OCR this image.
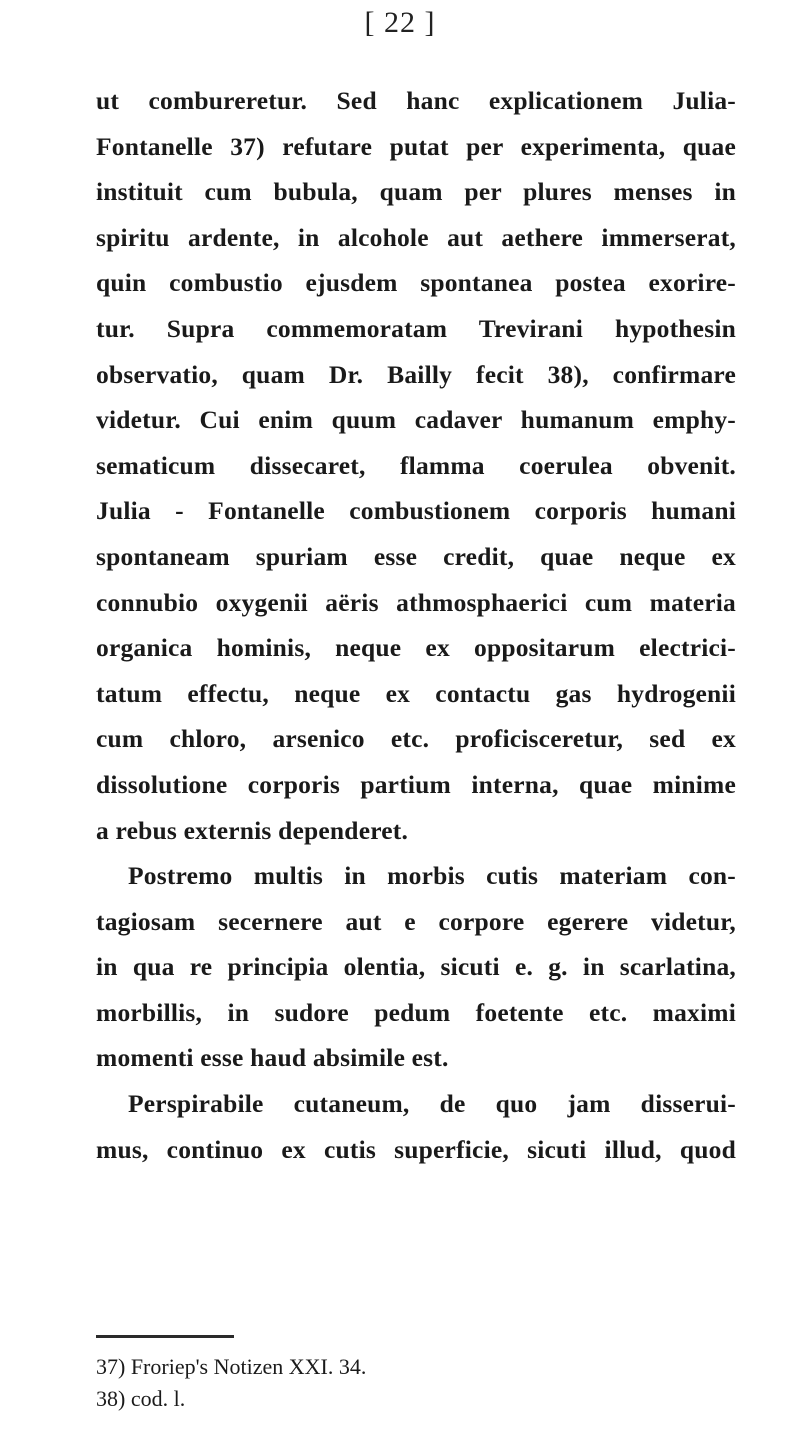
[ 22 ]
ut combureretur. Sed hanc explicationem Julia-
Fontanelle 37) refutare putat per experimenta, quae
instituit cum bubula, quam per plures menses in
spiritu ardente, in alcohole aut aethere immerserat,
quin combustio ejusdem spontanea postea exorire-
tur. Supra commemoratam Trevirani hypothesin
observatio, quam Dr. Bailly fecit 38), confirmare
videtur. Cui enim quum cadaver humanum emphy-
sematicum dissecaret, flamma coerulea obvenit.
Julia - Fontanelle combustionem corporis humani
spontaneam spuriam esse credit, quae neque ex
connubio oxygenii aëris athmosphaerici cum materia
organica hominis, neque ex oppositarum electrici-
tatum effectu, neque ex contactu gas hydrogenii
cum chloro, arsenico etc. proficisceretur, sed ex
dissolutione corporis partium interna, quae minime
a rebus externis dependeret.
Postremo multis in morbis cutis materiam con-
tagiosam secernere aut e corpore egerere videtur,
in qua re principia olentia, sicuti e. g. in scarlatina,
morbillis, in sudore pedum foetente etc. maximi
momenti esse haud absimile est.
Perspirabile cutaneum, de quo jam disserui-
mus, continuo ex cutis superficie, sicuti illud, quod
37) Froriep's Notizen XXI. 34.
38) cod. l.
